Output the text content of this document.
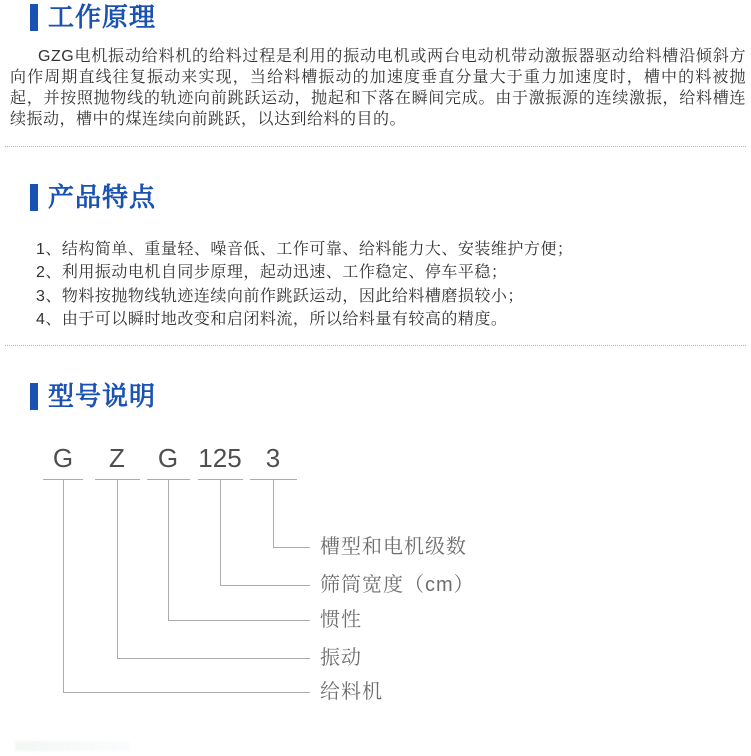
工作原理
GZG电机振动给料机的给料过程是利用的振动电机或两台电动机带动激振器驱动给料槽沿倾斜方向作周期直线往复振动来实现，当给料槽振动的加速度垂直分量大于重力加速度时，槽中的料被抛起，并按照抛物线的轨迹向前跳跃运动，抛起和下落在瞬间完成。由于激振源的连续激振，给料槽连续振动，槽中的煤连续向前跳跃，以达到给料的目的。
产品特点
1、结构简单、重量轻、噪音低、工作可靠、给料能力大、安装维护方便；
2、利用振动电机自同步原理，起动迅速、工作稳定、停车平稳；
3、物料按抛物线轨迹连续向前作跳跃运动，因此给料槽磨损较小；
4、由于可以瞬时地改变和启闭料流，所以给料量有较高的精度。
型号说明
G Z G 125 3
槽型和电机级数
筛筒宽度（cm）
惯性
振动
给料机
